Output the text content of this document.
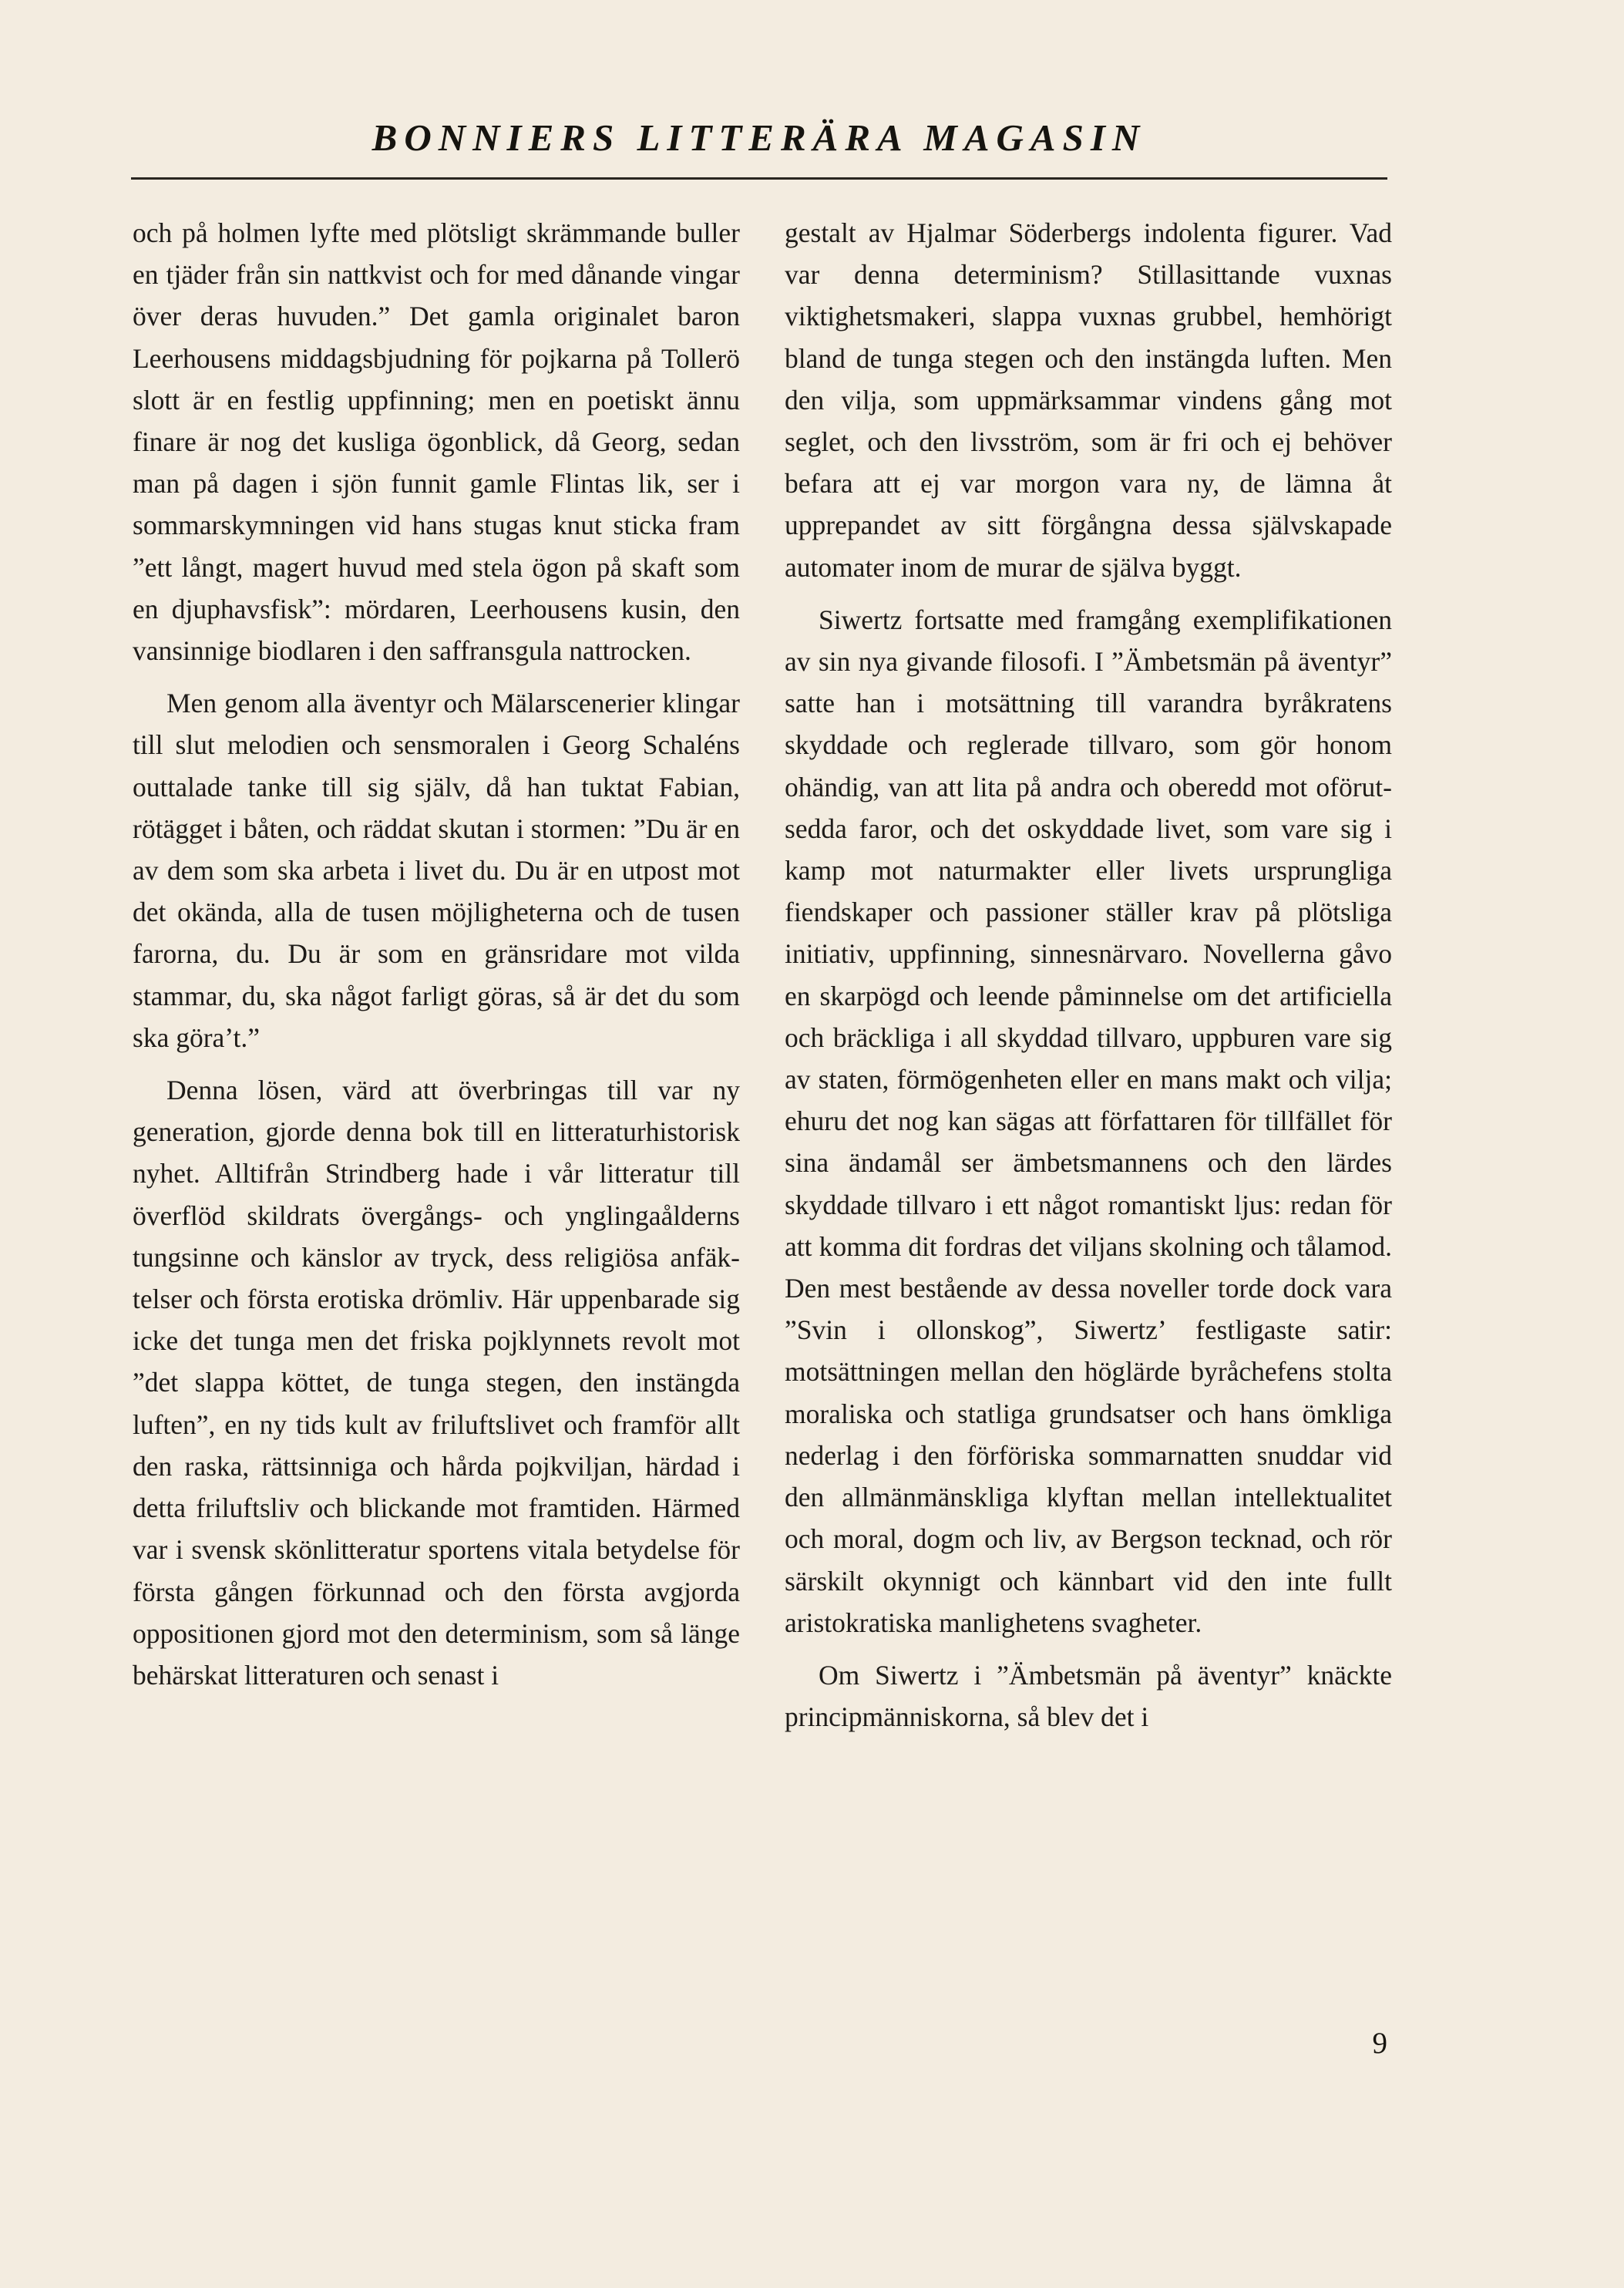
BONNIERS LITTERÄRA MAGASIN

och på holmen lyfte med plötsligt skrämmande buller en tjäder från sin nattkvist och for med dånande vingar över deras huvuden.” Det gamla originalet baron Leerhousens middagsbjudning för pojkarna på Tollerö slott är en festlig uppfinning; men en poetiskt ännu finare är nog det kusliga ögonblick, då Georg, sedan man på dagen i sjön funnit gamle Flintas lik, ser i sommarskymningen vid hans stugas knut sticka fram ”ett långt, magert huvud med stela ögon på skaft som en djuphavsfisk”: mördaren, Leerhousens kusin, den vansinnige biodlaren i den saffransgula nattrocken.

Men genom alla äventyr och Mälarscenerier klingar till slut melodien och sensmoralen i Georg Schaléns outtalade tanke till sig själv, då han tuktat Fabian, rötägget i båten, och räddat skutan i stormen: ”Du är en av dem som ska arbeta i livet du. Du är en utpost mot det okända, alla de tusen möjligheterna och de tusen farorna, du. Du är som en gränsridare mot vilda stammar, du, ska något farligt göras, så är det du som ska göra’t.”

Denna lösen, värd att överbringas till var ny generation, gjorde denna bok till en litteraturhistorisk nyhet. Alltifrån Strindberg hade i vår litteratur till överflöd skildrats övergångs- och ynglingaålderns tungsinne och känslor av tryck, dess religiösa anfäktelser och första erotiska drömliv. Här uppenbarade sig icke det tunga men det friska pojklynnets revolt mot ”det slappa köttet, de tunga stegen, den instängda luften”, en ny tids kult av friluftslivet och framför allt den raska, rättsinniga och hårda pojkviljan, härdad i detta friluftsliv och blickande mot framtiden. Härmed var i svensk skönlitteratur sportens vitala betydelse för första gången förkunnad och den första avgjorda oppositionen gjord mot den determinism, som så länge behärskat litteraturen och senast i

gestalt av Hjalmar Söderbergs indolenta figurer. Vad var denna determinism? Stillasittande vuxnas viktighetsmakeri, slappa vuxnas grubbel, hemhörigt bland de tunga stegen och den instängda luften. Men den vilja, som uppmärksammar vindens gång mot seglet, och den livsström, som är fri och ej behöver befara att ej var morgon vara ny, de lämna åt upprepandet av sitt förgångna dessa självskapade automater inom de murar de själva byggt.

Siwertz fortsatte med framgång exemplifikationen av sin nya givande filosofi. I ”Ämbetsmän på äventyr” satte han i motsättning till varandra byråkratens skyddade och reglerade tillvaro, som gör honom ohändig, van att lita på andra och oberedd mot oförutsedda faror, och det oskyddade livet, som vare sig i kamp mot naturmakter eller livets ursprungliga fiendskaper och passioner ställer krav på plötsliga initiativ, uppfinning, sinnesnärvaro. Novellerna gåvo en skarpögd och leende påminnelse om det artificiella och bräckliga i all skyddad tillvaro, uppburen vare sig av staten, förmögenheten eller en mans makt och vilja; ehuru det nog kan sägas att författaren för tillfället för sina ändamål ser ämbetsmannens och den lärdes skyddade tillvaro i ett något romantiskt ljus: redan för att komma dit fordras det viljans skolning och tålamod. Den mest bestående av dessa noveller torde dock vara ”Svin i ollonskog”, Siwertz’ festligaste satir: motsättningen mellan den höglärde byråchefens stolta moraliska och statliga grundsatser och hans ömkliga nederlag i den förföriska sommarnatten snuddar vid den allmänmänskliga klyftan mellan intellektualitet och moral, dogm och liv, av Bergson tecknad, och rör särskilt okynnigt och kännbart vid den inte fullt aristokratiska manlighetens svagheter.

Om Siwertz i ”Ämbetsmän på äventyr” knäckte principmänniskorna, så blev det i

9
